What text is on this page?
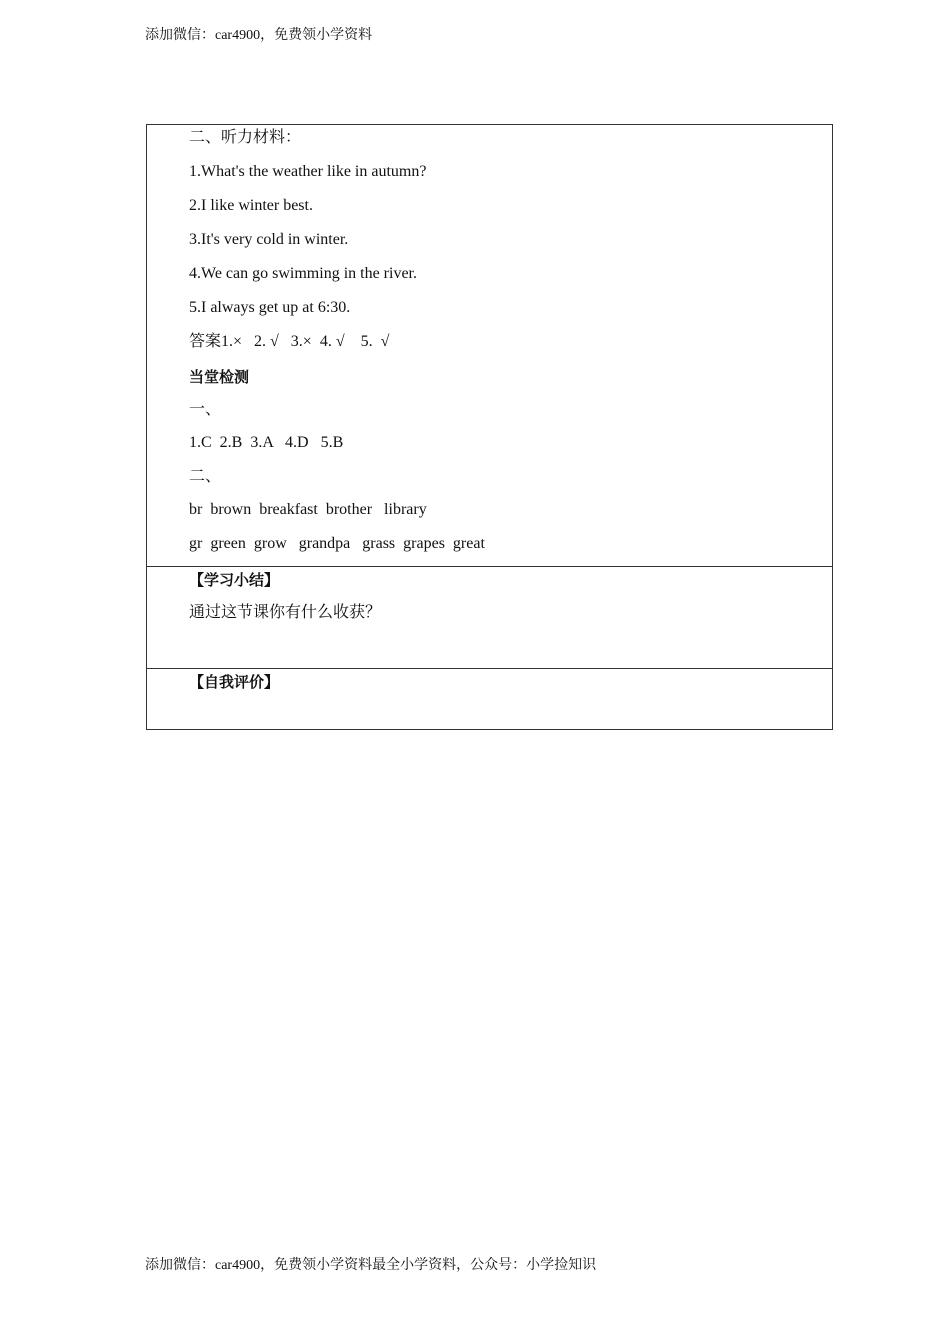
添加微信：car4900，免费领小学资料
二、听力材料：
1.What's the weather like in autumn?
2.I like winter best.
3.It's very cold in winter.
4.We can go swimming in the river.
5.I always get up at 6:30.
答案1.×   2. √   3.×  4. √    5.  √
当堂检测
一、
1.C  2.B  3.A   4.D   5.B
二、
br  brown  breakfast  brother   library
gr  green  grow   grandpa   grass  grapes  great
【学习小结】
通过这节课你有什么收获？
【自我评价】
添加微信：car4900，免费领小学资料最全小学资料，公众号：小学捡知识
